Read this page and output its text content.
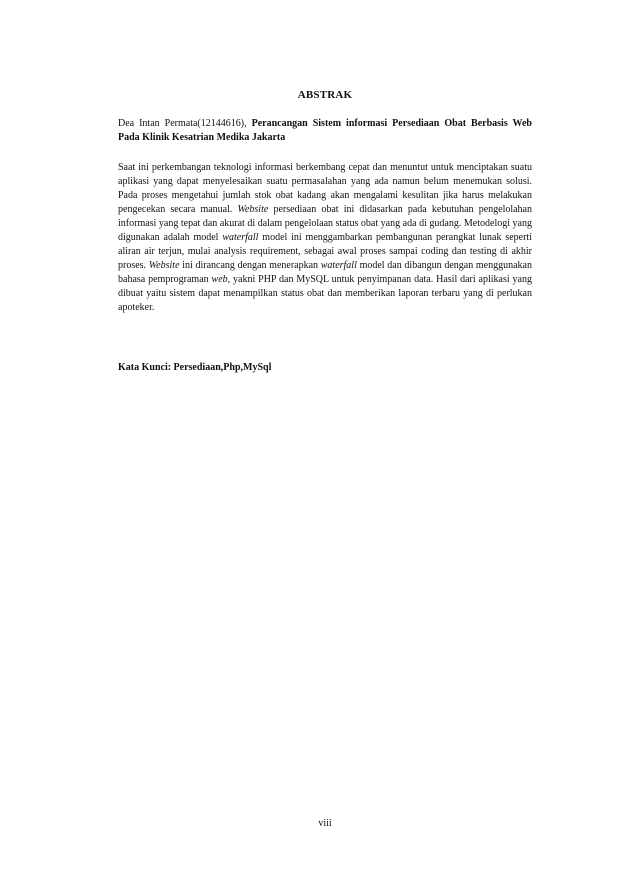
ABSTRAK
Dea Intan Permata(12144616), Perancangan Sistem informasi Persediaan Obat Berbasis Web Pada Klinik Kesatrian Medika Jakarta
Saat ini perkembangan teknologi informasi berkembang cepat dan menuntut untuk menciptakan suatu aplikasi yang dapat menyelesaikan suatu permasalahan yang ada namun belum menemukan solusi. Pada proses mengetahui jumlah stok obat kadang akan mengalami kesulitan jika harus melakukan pengecekan secara manual. Website persediaan obat ini didasarkan pada kebutuhan pengelolahan informasi yang tepat dan akurat di dalam pengelolaan status obat yang ada di gudang. Metodelogi yang digunakan adalah model waterfall model ini menggambarkan pembangunan perangkat lunak seperti aliran air terjun, mulai analysis requirement, sebagai awal proses sampai coding dan testing di akhir proses. Website ini dirancang dengan menerapkan waterfall model dan dibangun dengan menggunakan bahasa pemprograman web, yakni PHP dan MySQL untuk penyimpanan data. Hasil dari aplikasi yang dibuat yaitu sistem dapat menampilkan status obat dan memberikan laporan terbaru yang di perlukan apoteker.
Kata Kunci: Persediaan,Php,MySql
viii
